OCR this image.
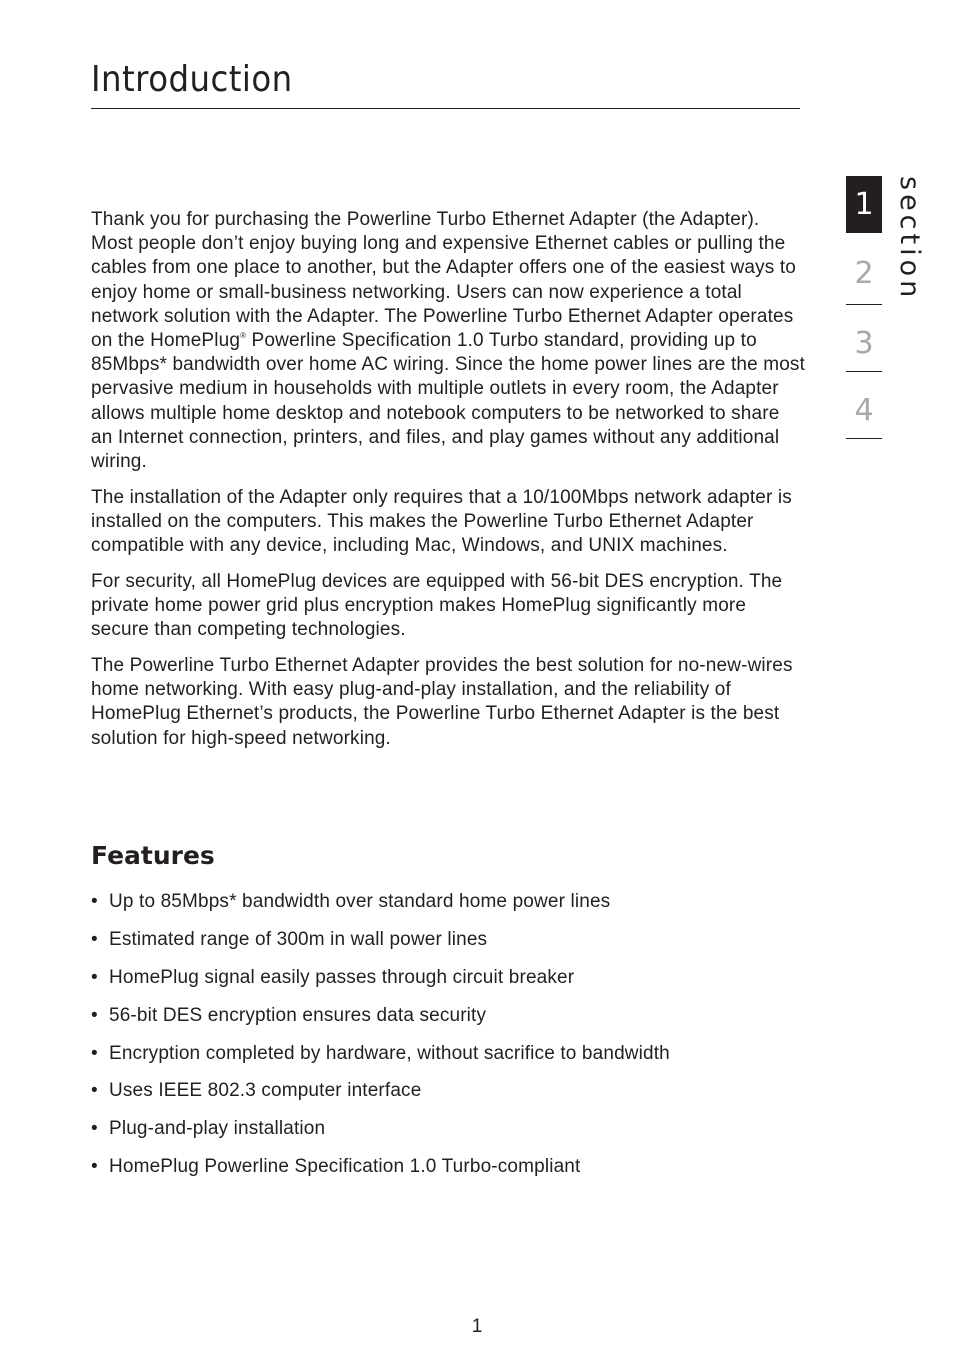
Introduction

Thank you for purchasing the Powerline Turbo Ethernet Adapter (the Adapter). Most people don’t enjoy buying long and expensive Ethernet cables or pulling the cables from one place to another, but the Adapter offers one of the easiest ways to enjoy home or small-business networking. Users can now experience a total network solution with the Adapter. The Powerline Turbo Ethernet Adapter operates on the HomePlug® Powerline Specification 1.0 Turbo standard, providing up to 85Mbps* bandwidth over home AC wiring. Since the home power lines are the most pervasive medium in households with multiple outlets in every room, the Adapter allows multiple home desktop and notebook computers to be networked to share an Internet connection, printers, and files, and play games without any additional wiring.

The installation of the Adapter only requires that a 10/100Mbps network adapter is installed on the computers. This makes the Powerline Turbo Ethernet Adapter compatible with any device, including Mac, Windows, and UNIX machines.

For security, all HomePlug devices are equipped with 56-bit DES encryption. The private home power grid plus encryption makes HomePlug significantly more secure than competing technologies.

The Powerline Turbo Ethernet Adapter provides the best solution for no-new-wires home networking. With easy plug-and-play installation, and the reliability of HomePlug Ethernet’s products, the Powerline Turbo Ethernet Adapter is the best solution for high-speed networking.

Features
• Up to 85Mbps* bandwidth over standard home power lines
• Estimated range of 300m in wall power lines
• HomePlug signal easily passes through circuit breaker
• 56-bit DES encryption ensures data security
• Encryption completed by hardware, without sacrifice to bandwidth
• Uses IEEE 802.3 computer interface
• Plug-and-play installation
• HomePlug Powerline Specification 1.0 Turbo-compliant
1
2
3
4
section
1
